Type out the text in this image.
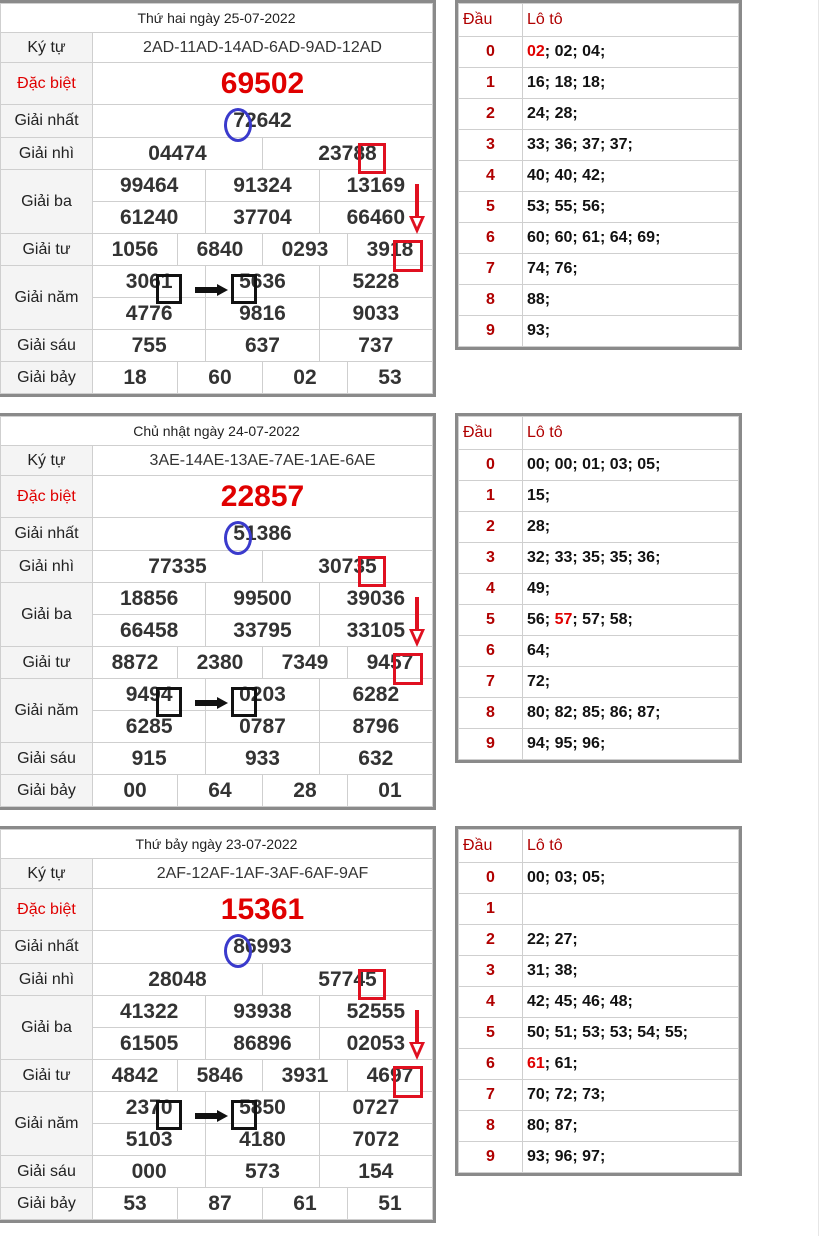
Thứ hai ngày 25-07-2022						
Ký tự	2AD-11AD-14AD-6AD-9AD-12AD					
Đặc biệt	69502					
Giải nhất	72642					
Giải nhì	04474			23788		
Giải ba	99464		91324		13169	
	61240		37704		66460	
Giải tư	1056	6840		0293		3918
Giải năm	3061		5636		5228	
	4776		9816		9033	
Giải sáu	755		637		737	
Giải bảy	18	60		02		53
Đầu	Lô tô
0	02; 02; 04;
1	16; 18; 18;
2	24; 28;
3	33; 36; 37; 37;
4	40; 40; 42;
5	53; 55; 56;
6	60; 60; 61; 64; 69;
7	74; 76;
8	88;
9	93;
Chủ nhật ngày 24-07-2022						
Ký tự	3AE-14AE-13AE-7AE-1AE-6AE					
Đặc biệt	22857					
Giải nhất	51386					
Giải nhì	77335			30735		
Giải ba	18856		99500		39036	
	66458		33795		33105	
Giải tư	8872	2380		7349		9457
Giải năm	9494		0203		6282	
	6285		0787		8796	
Giải sáu	915		933		632	
Giải bảy	00	64		28		01
Đầu	Lô tô
0	00; 00; 01; 03; 05;
1	15;
2	28;
3	32; 33; 35; 35; 36;
4	49;
5	56; 57; 57; 58;
6	64;
7	72;
8	80; 82; 85; 86; 87;
9	94; 95; 96;
Thứ bảy ngày 23-07-2022						
Ký tự	2AF-12AF-1AF-3AF-6AF-9AF					
Đặc biệt	15361					
Giải nhất	86993					
Giải nhì	28048			57745		
Giải ba	41322		93938		52555	
	61505		86896		02053	
Giải tư	4842	5846		3931		4697
Giải năm	2370		5850		0727	
	5103		4180		7072	
Giải sáu	000		573		154	
Giải bảy	53	87		61		51
Đầu	Lô tô
0	00; 03; 05;
1	
2	22; 27;
3	31; 38;
4	42; 45; 46; 48;
5	50; 51; 53; 53; 54; 55;
6	61; 61;
7	70; 72; 73;
8	80; 87;
9	93; 96; 97;
